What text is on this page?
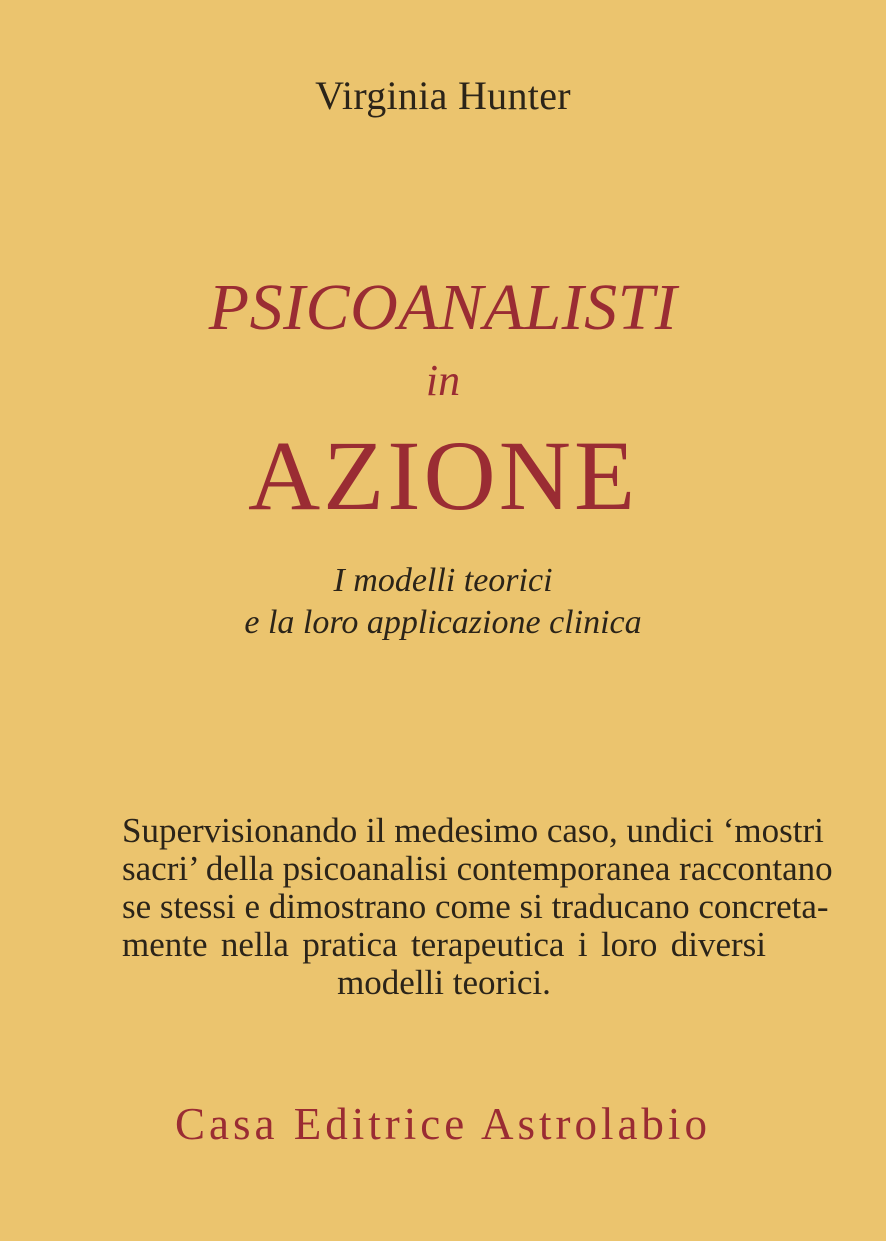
Virginia Hunter
PSICOANALISTI
in
AZIONE
I modelli teorici
e la loro applicazione clinica
Supervisionando il medesimo caso, undici ‘mostri
sacri’ della psicoanalisi contemporanea raccontano
se stessi e dimostrano come si traducano concreta-
mente nella pratica terapeutica i loro diversi
modelli teorici.
Casa Editrice Astrolabio
